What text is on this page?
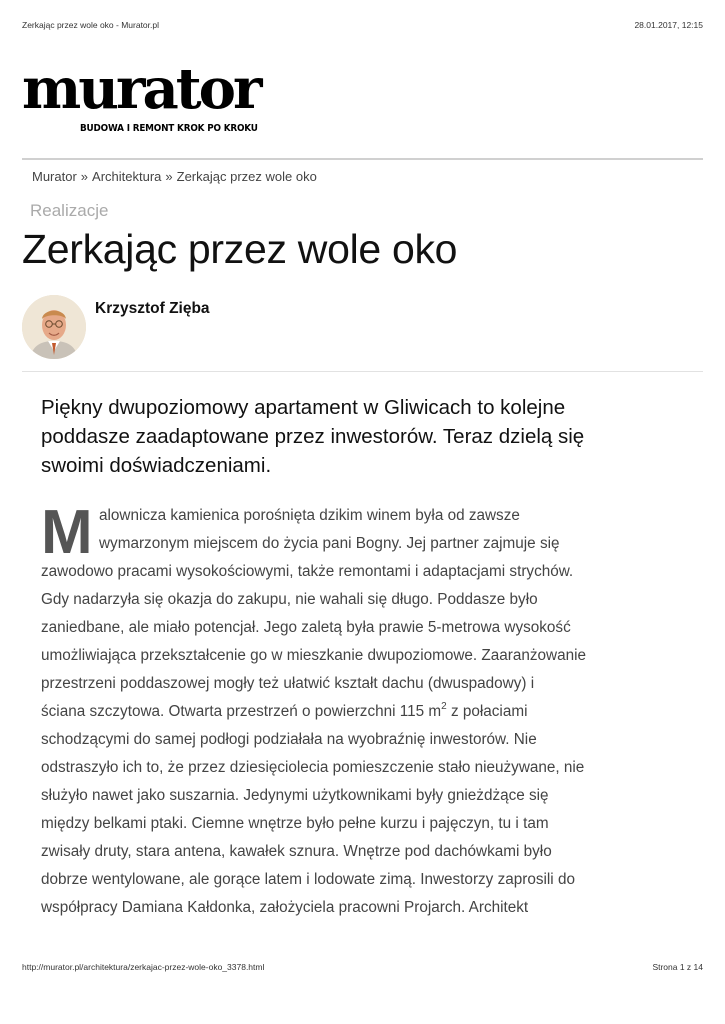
Zerkając przez wole oko - Murator.pl	28.01.2017, 12:15
murator
BUDOWA I REMONT KROK PO KROKU
Murator » Architektura » Zerkając przez wole oko
Realizacje
Zerkając przez wole oko
Krzysztof Zięba

Piękny dwupoziomowy apartament w Gliwicach to kolejne
poddasze zaadaptowane przez inwestorów. Teraz dzielą się
swoimi doświadczeniami.

M alownicza kamienica porośnięta dzikim winem była od zawsze
wymarzonym miejscem do życia pani Bogny. Jej partner zajmuje się
zawodowo pracami wysokościowymi, także remontami i adaptacjami strychów.
Gdy nadarzyła się okazja do zakupu, nie wahali się długo. Poddasze było
zaniedbane, ale miało potencjał. Jego zaletą była prawie 5-metrowa wysokość
umożliwiająca przekształcenie go w mieszkanie dwupoziomowe. Zaaranżowanie
przestrzeni poddaszowej mogły też ułatwić kształt dachu (dwuspadowy) i
ściana szczytowa. Otwarta przestrzeń o powierzchni 115 $m^2$ z połaciami
schodzącymi do samej podłogi podziałała na wyobraźnię inwestorów. Nie
odstraszyło ich to, że przez dziesięciolecia pomieszczenie stało nieużywane, nie
służyło nawet jako suszarnia. Jedynymi użytkownikami były gnieżdżące się
między belkami ptaki. Ciemne wnętrze było pełne kurzu i pajęczyn, tu i tam
zwisały druty, stara antena, kawałek sznura. Wnętrze pod dachówkami było
dobrze wentylowane, ale gorące latem i lodowate zimą. Inwestorzy zaprosili do
współpracy Damiana Kałdonka, założyciela pracowni Projarch. Architekt
http://murator.pl/architektura/zerkajac-przez-wole-oko_3378.html	Strona 1 z 14
